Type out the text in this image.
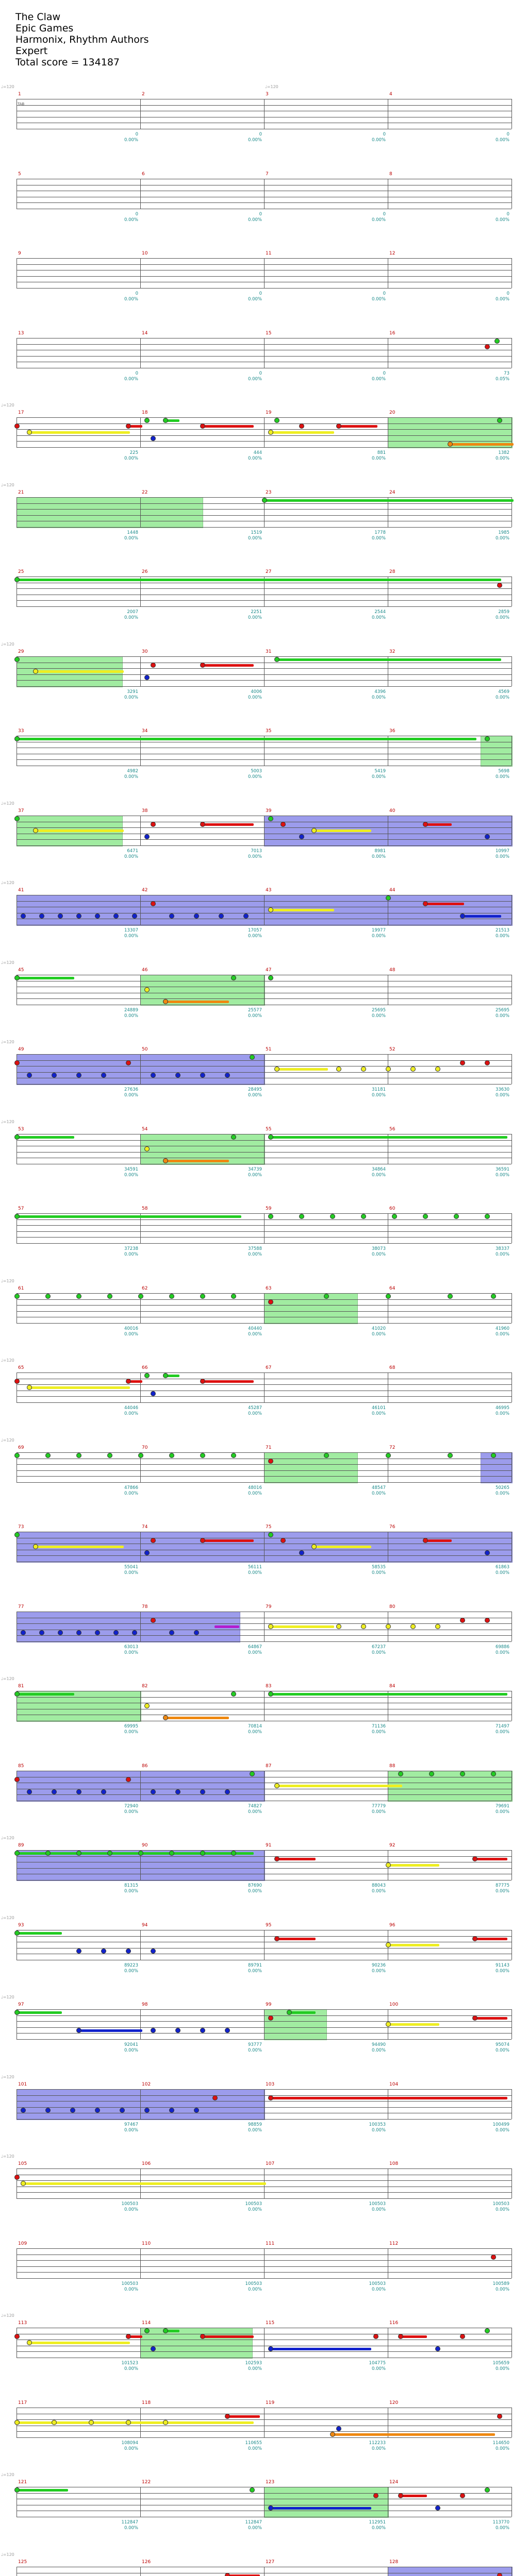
The Claw
Epic Games
Harmonix, Rhythm Authors
Expert
Total score = 134187
1
0
0.00%
2
0
0.00%
3
0
0.00%
4
0
0.00%
♩=120	♩=120
TAB
5
0
0.00%
6
0
0.00%
7
0
0.00%
8
0
0.00%
9
0
0.00%
10
0
0.00%
11
0
0.00%
12
0
0.00%
13
0
0.00%
14
0
0.00%
15
0
0.00%
16
73
0.05%
17
225
0.00%
18
444
0.00%
19
881
0.00%
20
1382
0.00%
♩=120
21
1448
0.00%
22
1519
0.00%
23
1778
0.00%
24
1985
0.00%
♩=120
25
2007
0.00%
26
2251
0.00%
27
2544
0.00%
28
2859
0.00%
29
3291
0.00%
30
4006
0.00%
31
4396
0.00%
32
4569
0.00%
♩=120
33
4982
0.00%
34
5003
0.00%
35
5419
0.00%
36
5698
0.00%
37
6471
0.00%
38
7013
0.00%
39
8981
0.00%
40
10997
0.00%
♩=120
41
13307
0.00%
42
17057
0.00%
43
19977
0.00%
44
21513
0.00%
♩=120
45
24889
0.00%
46
25577
0.00%
47
25695
0.00%
48
25695
0.00%
♩=120
49
27636
0.00%
50
28495
0.00%
51
31181
0.00%
52
33630
0.00%
♩=120
53
34591
0.00%
54
34739
0.00%
55
34864
0.00%
56
36591
0.00%
♩=120
57
37238
0.00%
58
37588
0.00%
59
38073
0.00%
60
38337
0.00%
61
40016
0.00%
62
40440
0.00%
63
41020
0.00%
64
41960
0.00%
♩=120
65
44046
0.00%
66
45287
0.00%
67
46101
0.00%
68
46995
0.00%
♩=120
69
47866
0.00%
70
48016
0.00%
71
48547
0.00%
72
50265
0.00%
♩=120
73
55041
0.00%
74
56111
0.00%
75
58535
0.00%
76
61863
0.00%
77
63013
0.00%
78
64867
0.00%
79
67237
0.00%
80
69886
0.00%
81
69995
0.00%
82
70814
0.00%
83
71136
0.00%
84
71497
0.00%
♩=120
85
72940
0.00%
86
74827
0.00%
87
77779
0.00%
88
79691
0.00%
89
81315
0.00%
90
87690
0.00%
91
88043
0.00%
92
87775
0.00%
♩=120
93
89223
0.00%
94
89791
0.00%
95
90236
0.00%
96
91143
0.00%
♩=120
97
92041
0.00%
98
93777
0.00%
99
94490
0.00%
100
95074
0.00%
♩=120
101
97467
0.00%
102
98859
0.00%
103
100353
0.00%
104
100499
0.00%
♩=120
105
100503
0.00%
106
100503
0.00%
107
100503
0.00%
108
100503
0.00%
♩=120
109
100503
0.00%
110
100503
0.00%
111
100503
0.00%
112
100589
0.00%
113
101523
0.00%
114
102593
0.00%
115
104775
0.00%
116
105659
0.00%
♩=120
117
108094
0.00%
118
110655
0.00%
119
112233
0.00%
120
114650
0.00%
121
112847
0.00%
122
112847
0.00%
123
112951
0.00%
124
113770
0.00%
♩=120
125	126	127	128
♩=120
